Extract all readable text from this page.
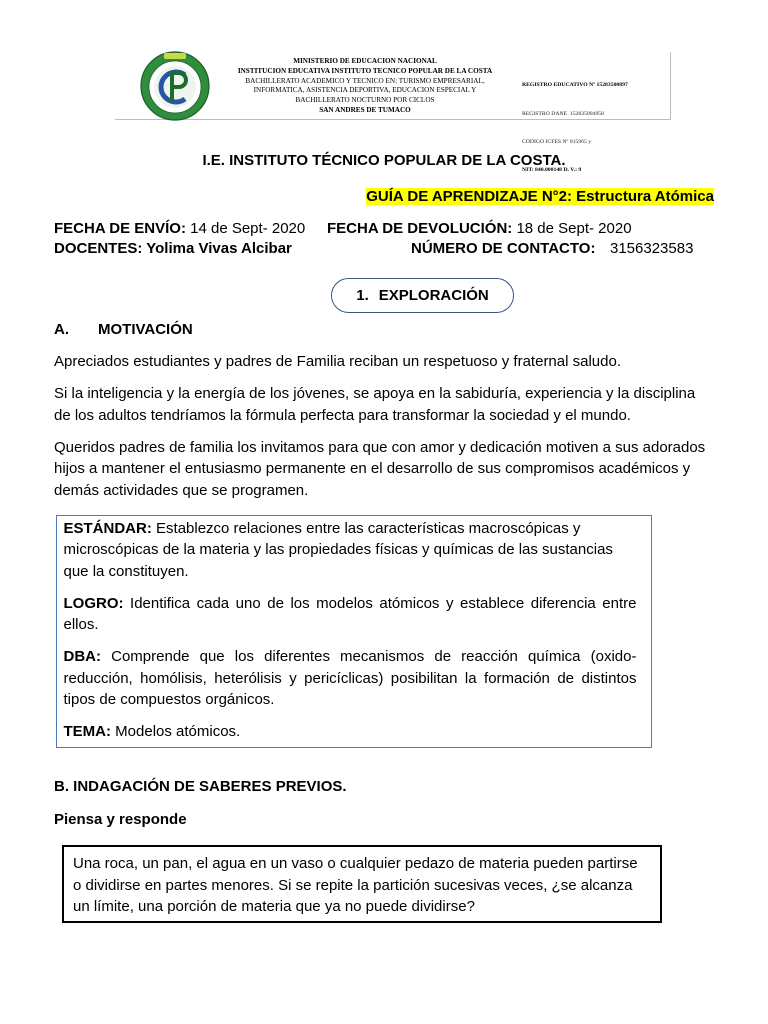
MINISTERIO DE EDUCACION NACIONAL
INSTITUCION EDUCATIVA INSTITUTO TECNICO POPULAR DE LA COSTA
BACHILLERATO ACADEMICO Y TECNICO EN: TURISMO EMPRESARIAL,
INFORMATICA, ASISTENCIA DEPORTIVA, EDUCACION ESPECIAL Y
BACHILLERATO NOCTURNO POR CICLOS
SAN ANDRES DE TUMACO

REGISTRO EDUCATIVO Nº 15283500897

REGISTRO DANE  152835004958

CODIGO ICFES Nº 015965 y

NIT: 840.000148 D. V.: 9

I.E. INSTITUTO TÉCNICO POPULAR DE LA COSTA.
GUÍA DE APRENDIZAJE N°2: Estructura Atómica
FECHA DE ENVÍO: 14 de Sept- 2020 FECHA DE DEVOLUCIÓN: 18 de Sept- 2020
DOCENTES: Yolima Vivas Alcibar	NÚMERO DE CONTACTO: 3156323583
1. EXPLORACIÓN
A. MOTIVACIÓN

Apreciados estudiantes y padres de Familia reciban un respetuoso y fraternal saludo.

Si la inteligencia y la energía de los jóvenes, se apoya en la sabiduría, experiencia y la disciplina de los adultos tendríamos la fórmula perfecta para transformar la sociedad y el mundo.

Queridos padres de familia los invitamos para que con amor y dedicación motiven a sus adorados hijos a mantener el entusiasmo permanente en el desarrollo de sus compromisos académicos y demás actividades que se programen.

ESTÁNDAR: Establezco relaciones entre las características macroscópicas y microscópicas de la materia y las propiedades físicas y químicas de las sustancias que la constituyen.

LOGRO: Identifica cada uno de los modelos atómicos y establece diferencia entre ellos.

DBA: Comprende que los diferentes mecanismos de reacción química (oxido-reducción, homólisis, heterólisis y pericíclicas) posibilitan la formación de distintos tipos de compuestos orgánicos.

TEMA: Modelos atómicos.

B. INDAGACIÓN DE SABERES PREVIOS.
Piensa y responde

Una roca, un pan, el agua en un vaso o cualquier pedazo de materia pueden partirse o dividirse en partes menores. Si se repite la partición sucesivas veces, ¿se alcanza un límite, una porción de materia que ya no puede dividirse?
